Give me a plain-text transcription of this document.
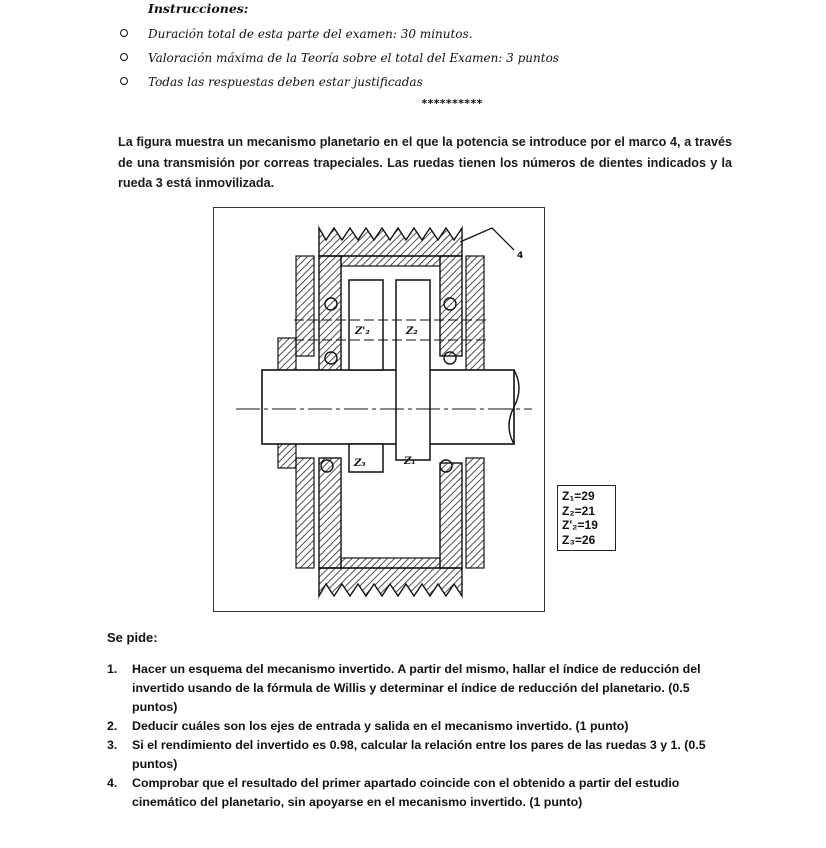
Instrucciones:
Duración total de esta parte del examen: 30 minutos.
Valoración máxima de la Teoría sobre el total del Examen: 3 puntos
Todas las respuestas deben estar justificadas
**********

La figura muestra un mecanismo planetario en el que la potencia se introduce por el marco 4, a través de una transmisión por correas trapeciales. Las ruedas tienen los números de dientes indicados y la rueda 3 está inmovilizada.

4
Z'₂	Z₂
Z₃	Z₁
Z₁=29
Z₂=21
Z'₂=19
Z₃=26
Se pide:
1. Hacer un esquema del mecanismo invertido. A partir del mismo, hallar el índice de reducción del invertido usando de la fórmula de Willis y determinar el índice de reducción del planetario. (0.5 puntos)
2. Deducir cuáles son los ejes de entrada y salida en el mecanismo invertido. (1 punto)
3. Si el rendimiento del invertido es 0.98, calcular la relación entre los pares de las ruedas 3 y 1. (0.5 puntos)
4. Comprobar que el resultado del primer apartado coincide con el obtenido a partir del estudio cinemático del planetario, sin apoyarse en el mecanismo invertido. (1 punto)
